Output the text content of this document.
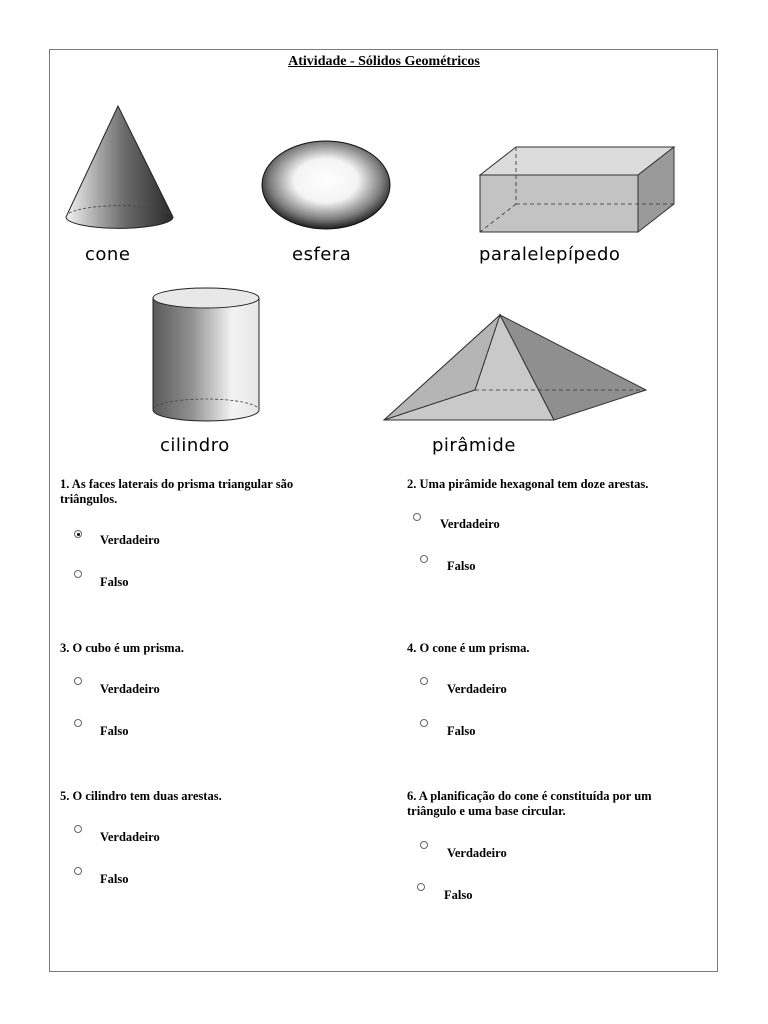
Atividade - Sólidos Geométricos
cone	esfera	paralelepípedo
cilindro	pirâmide
1. As faces laterais do prisma triangular são
triângulos.
Verdadeiro
Falso
2. Uma pirâmide hexagonal tem doze arestas.
Verdadeiro
Falso
3. O cubo é um prisma.
Verdadeiro
Falso
4. O cone é um prisma.
Verdadeiro
Falso
5. O cilindro tem duas arestas.
Verdadeiro
Falso
6. A planificação do cone é constituída por um
triângulo e uma base circular.
Verdadeiro
Falso
